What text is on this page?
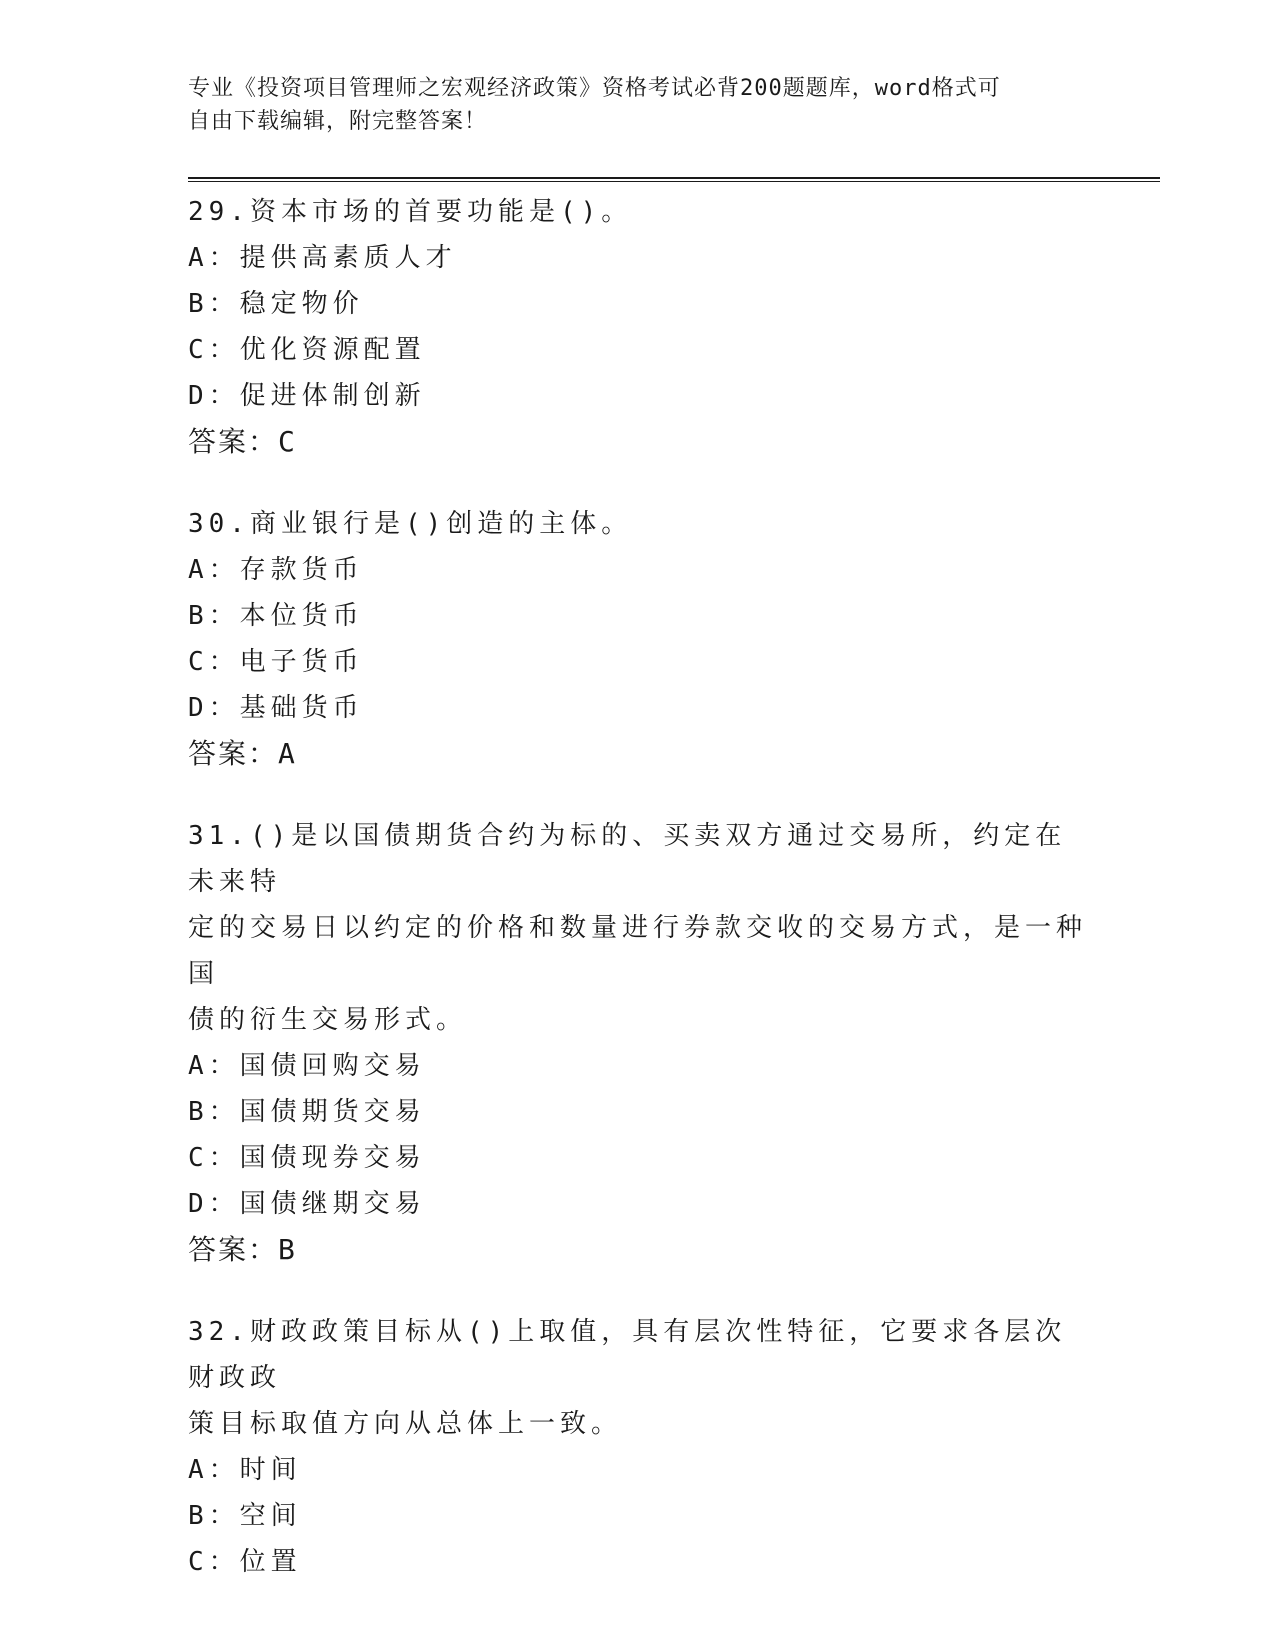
专业《投资项目管理师之宏观经济政策》资格考试必背200题题库，word格式可
自由下载编辑，附完整答案！

29.资本市场的首要功能是()。

A：提供高素质人才

B：稳定物价

C：优化资源配置

D：促进体制创新

答案：C

30.商业银行是()创造的主体。

A：存款货币

B：本位货币

C：电子货币

D：基础货币

答案：A

31.()是以国债期货合约为标的、买卖双方通过交易所，约定在未来特

定的交易日以约定的价格和数量进行券款交收的交易方式，是一种国

债的衍生交易形式。

A：国债回购交易

B：国债期货交易

C：国债现券交易

D：国债继期交易

答案：B

32.财政政策目标从()上取值，具有层次性特征，它要求各层次财政政

策目标取值方向从总体上一致。

A：时间

B：空间

C：位置
